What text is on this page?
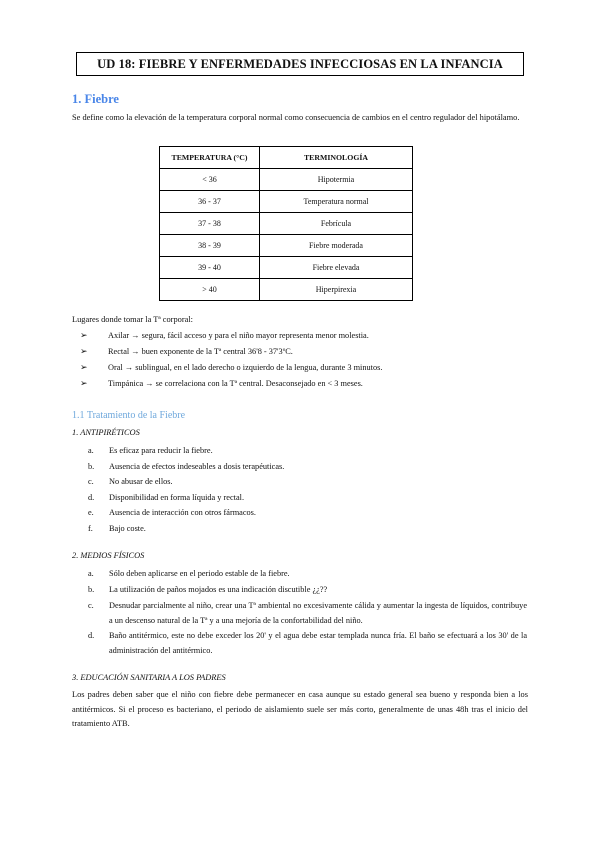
UD 18: FIEBRE Y ENFERMEDADES INFECCIOSAS EN LA INFANCIA
1. Fiebre
Se define como la elevación de la temperatura corporal normal como consecuencia de cambios en el centro regulador del hipotálamo.
TEMPERATURA (°C)	TERMINOLOGÍA
< 36	Hipotermia
36 - 37	Temperatura normal
37 - 38	Febrícula
38 - 39	Fiebre moderada
39 - 40	Fiebre elevada
> 40	Hiperpirexia
Lugares donde tomar la Tª corporal:
➢ Axilar → segura, fácil acceso y para el niño mayor representa menor molestia.
➢ Rectal → buen exponente de la Tª central 36'8 - 37'3ºC.
➢ Oral → sublingual, en el lado derecho o izquierdo de la lengua, durante 3 minutos.
➢ Timpánica → se correlaciona con la Tª central. Desaconsejado en < 3 meses.
1.1 Tratamiento de la Fiebre
1. ANTIPIRÉTICOS
a. Es eficaz para reducir la fiebre.
b. Ausencia de efectos indeseables a dosis terapéuticas.
c. No abusar de ellos.
d. Disponibilidad en forma líquida y rectal.
e. Ausencia de interacción con otros fármacos.
f. Bajo coste.
2. MEDIOS FÍSICOS
a. Sólo deben aplicarse en el periodo estable de la fiebre.
b. La utilización de paños mojados es una indicación discutible ¿¿??
c. Desnudar parcialmente al niño, crear una Tª ambiental no excesivamente cálida y aumentar la ingesta de líquidos, contribuye a un descenso natural de la Tª y a una mejoría de la confortabilidad del niño.
d. Baño antitérmico, este no debe exceder los 20' y el agua debe estar templada nunca fría. El baño se efectuará a los 30' de la administración del antitérmico.
3. EDUCACIÓN SANITARIA A LOS PADRES
Los padres deben saber que el niño con fiebre debe permanecer en casa aunque su estado general sea bueno y responda bien a los antitérmicos. Si el proceso es bacteriano, el periodo de aislamiento suele ser más corto, generalmente de unas 48h tras el inicio del tratamiento ATB.
